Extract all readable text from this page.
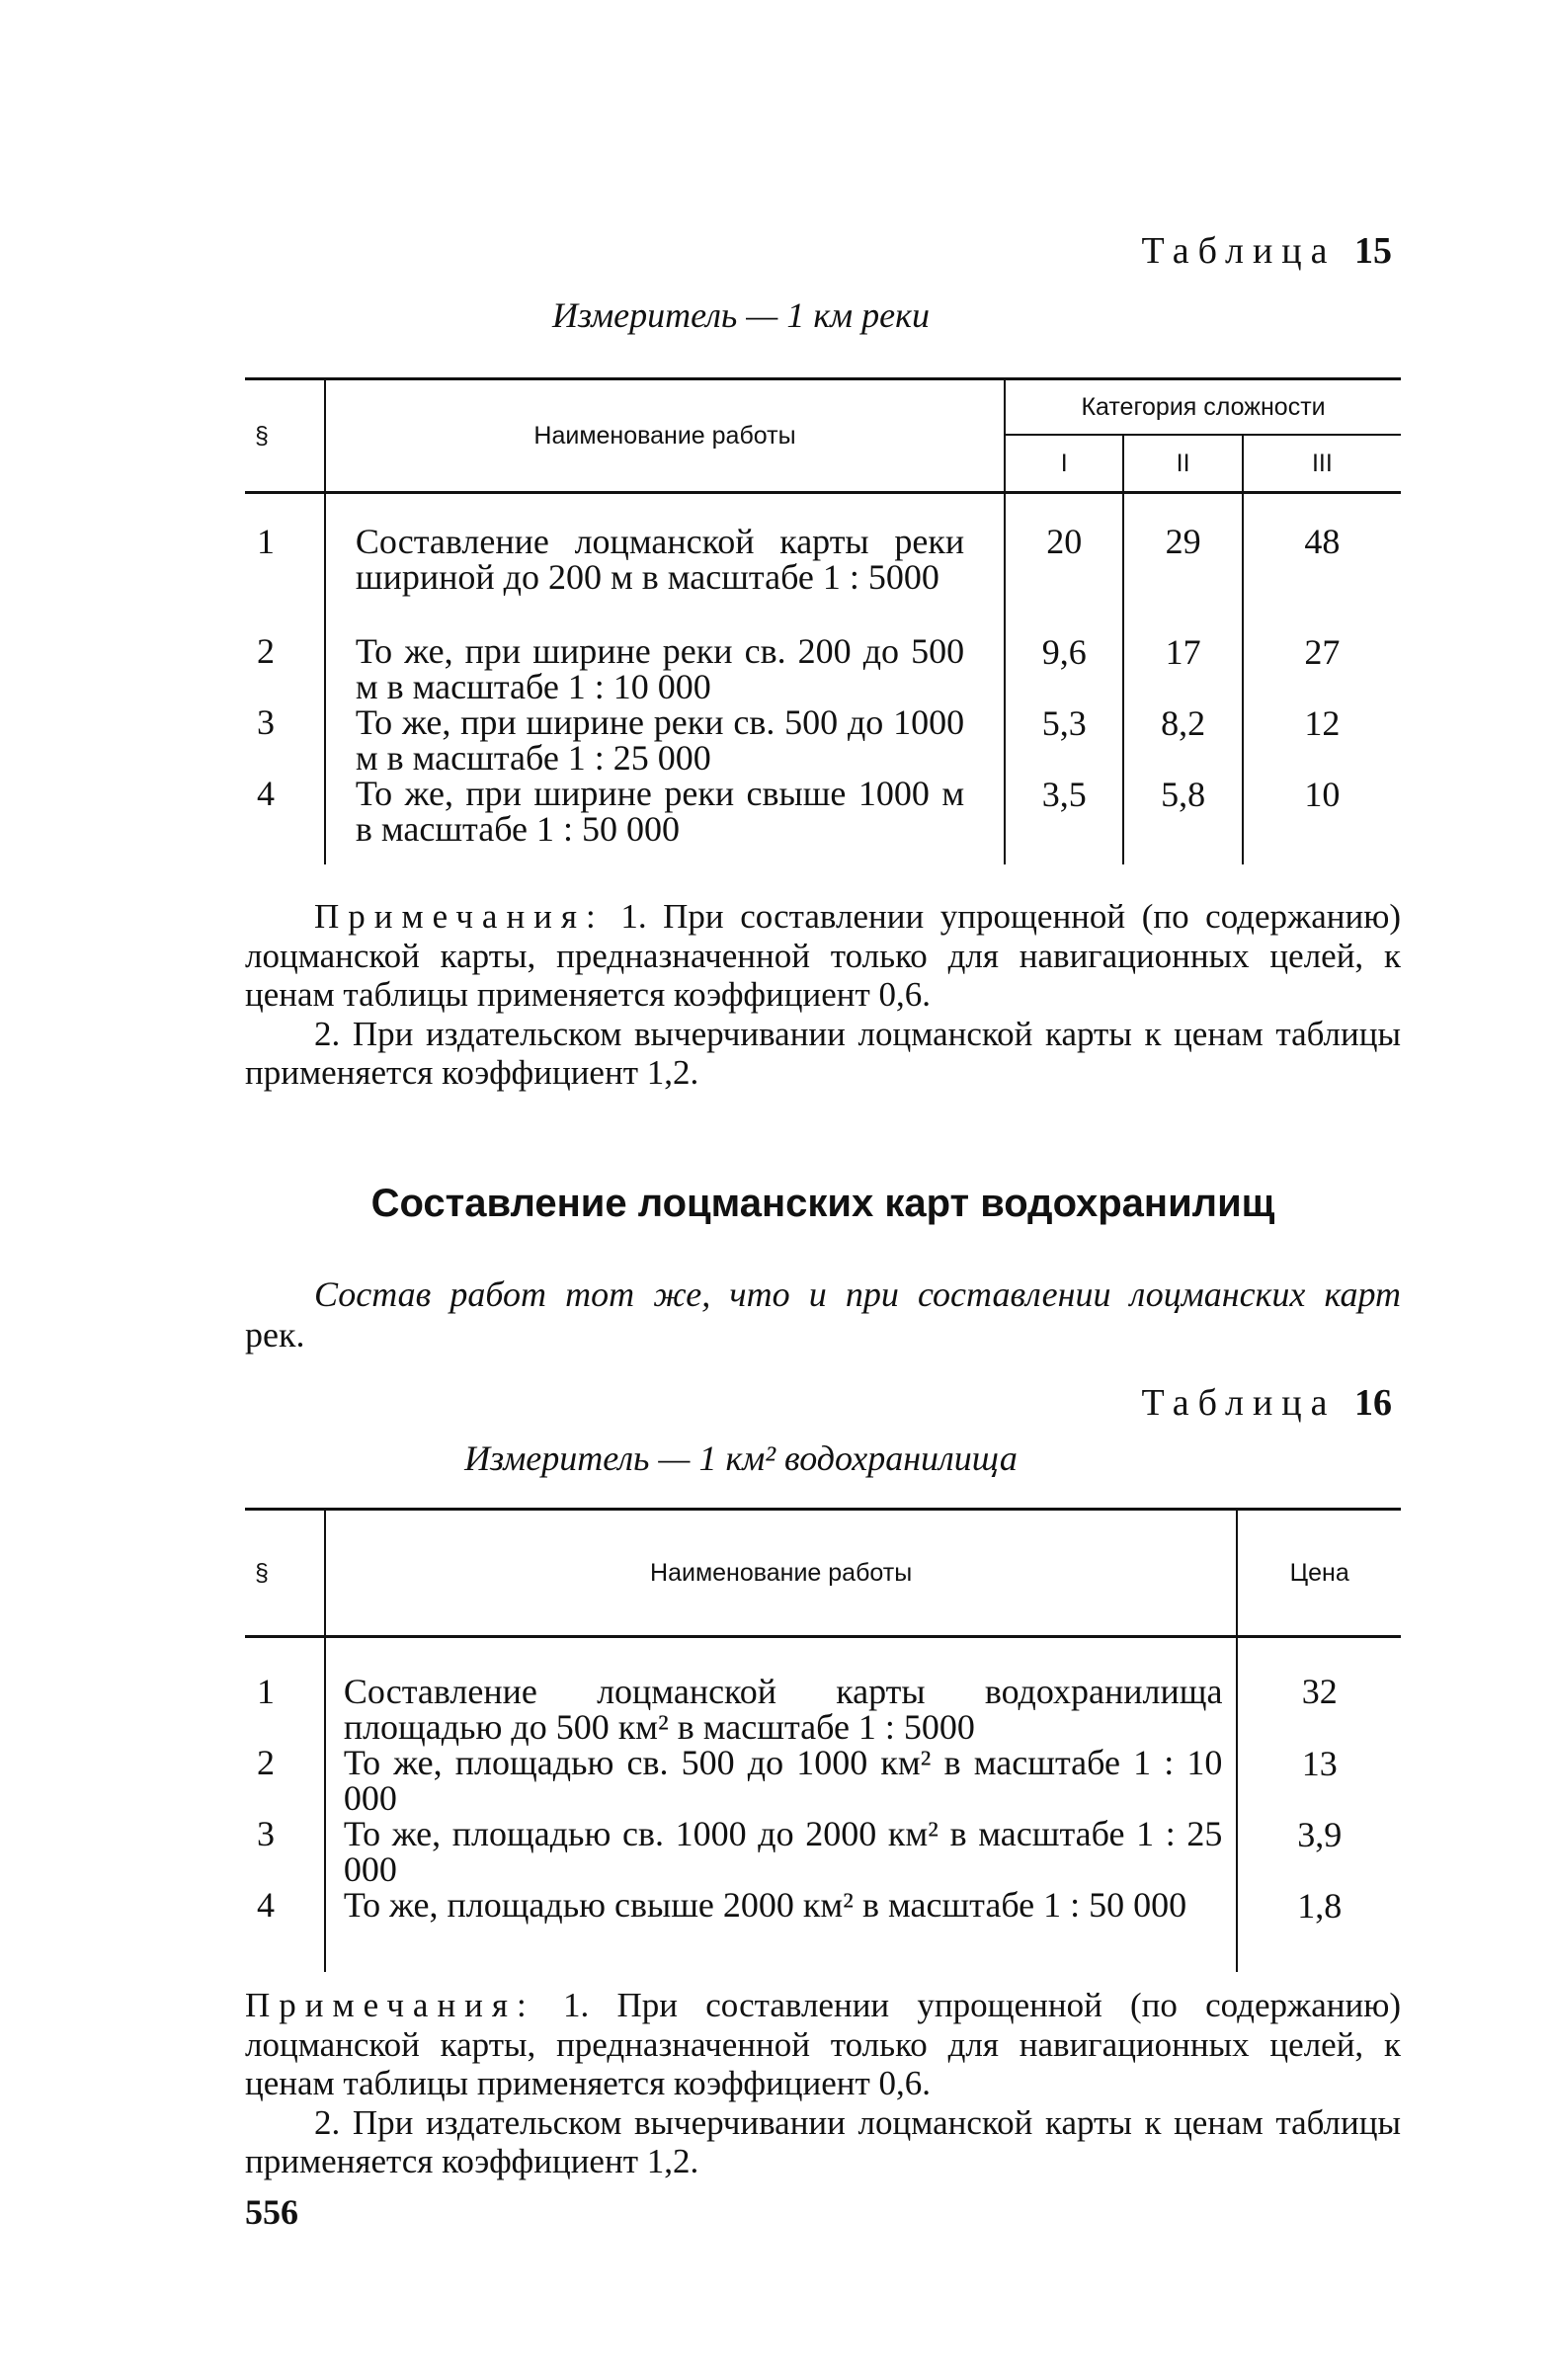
Таблица 15
Измеритель — 1 км реки
§	Наименование работы	Категория сложности		
		I	II	III
1	Составление лоцманской карты реки шириной до 200 м в масштабе 1 : 5000	20	29	48
2	То же, при ширине реки св. 200 до 500 м в масштабе 1 : 10 000	9,6	17	27
3	То же, при ширине реки св. 500 до 1000 м в масштабе 1 : 25 000	5,3	8,2	12
4	То же, при ширине реки свыше 1000 м в масштабе 1 : 50 000	3,5	5,8	10

Примечания: 1. При составлении упрощенной (по содержанию) лоцманской карты, предназначенной только для навигационных целей, к ценам таблицы применяется коэффициент 0,6.

2. При издательском вычерчивании лоцманской карты к ценам таблицы применяется коэффициент 1,2.

Составление лоцманских карт водохранилищ
Состав работ тот же, что и при составлении лоцманских карт
рек.
Таблица 16
Измеритель — 1 км² водохранилища
§	Наименование работы	Цена
1	Составление лоцманской карты водохранилища площадью до 500 км² в масштабе 1 : 5000	32
2	То же, площадью св. 500 до 1000 км² в масштабе 1 : 10 000	13
3	То же, площадью св. 1000 до 2000 км² в масштабе 1 : 25 000	3,9
4	То же, площадью свыше 2000 км² в масштабе 1 : 50 000	1,8

Примечания: 1. При составлении упрощенной (по содержанию) лоцманской карты, предназначенной только для навигационных целей, к ценам таблицы применяется коэффициент 0,6.

2. При издательском вычерчивании лоцманской карты к ценам таблицы применяется коэффициент 1,2.

556
